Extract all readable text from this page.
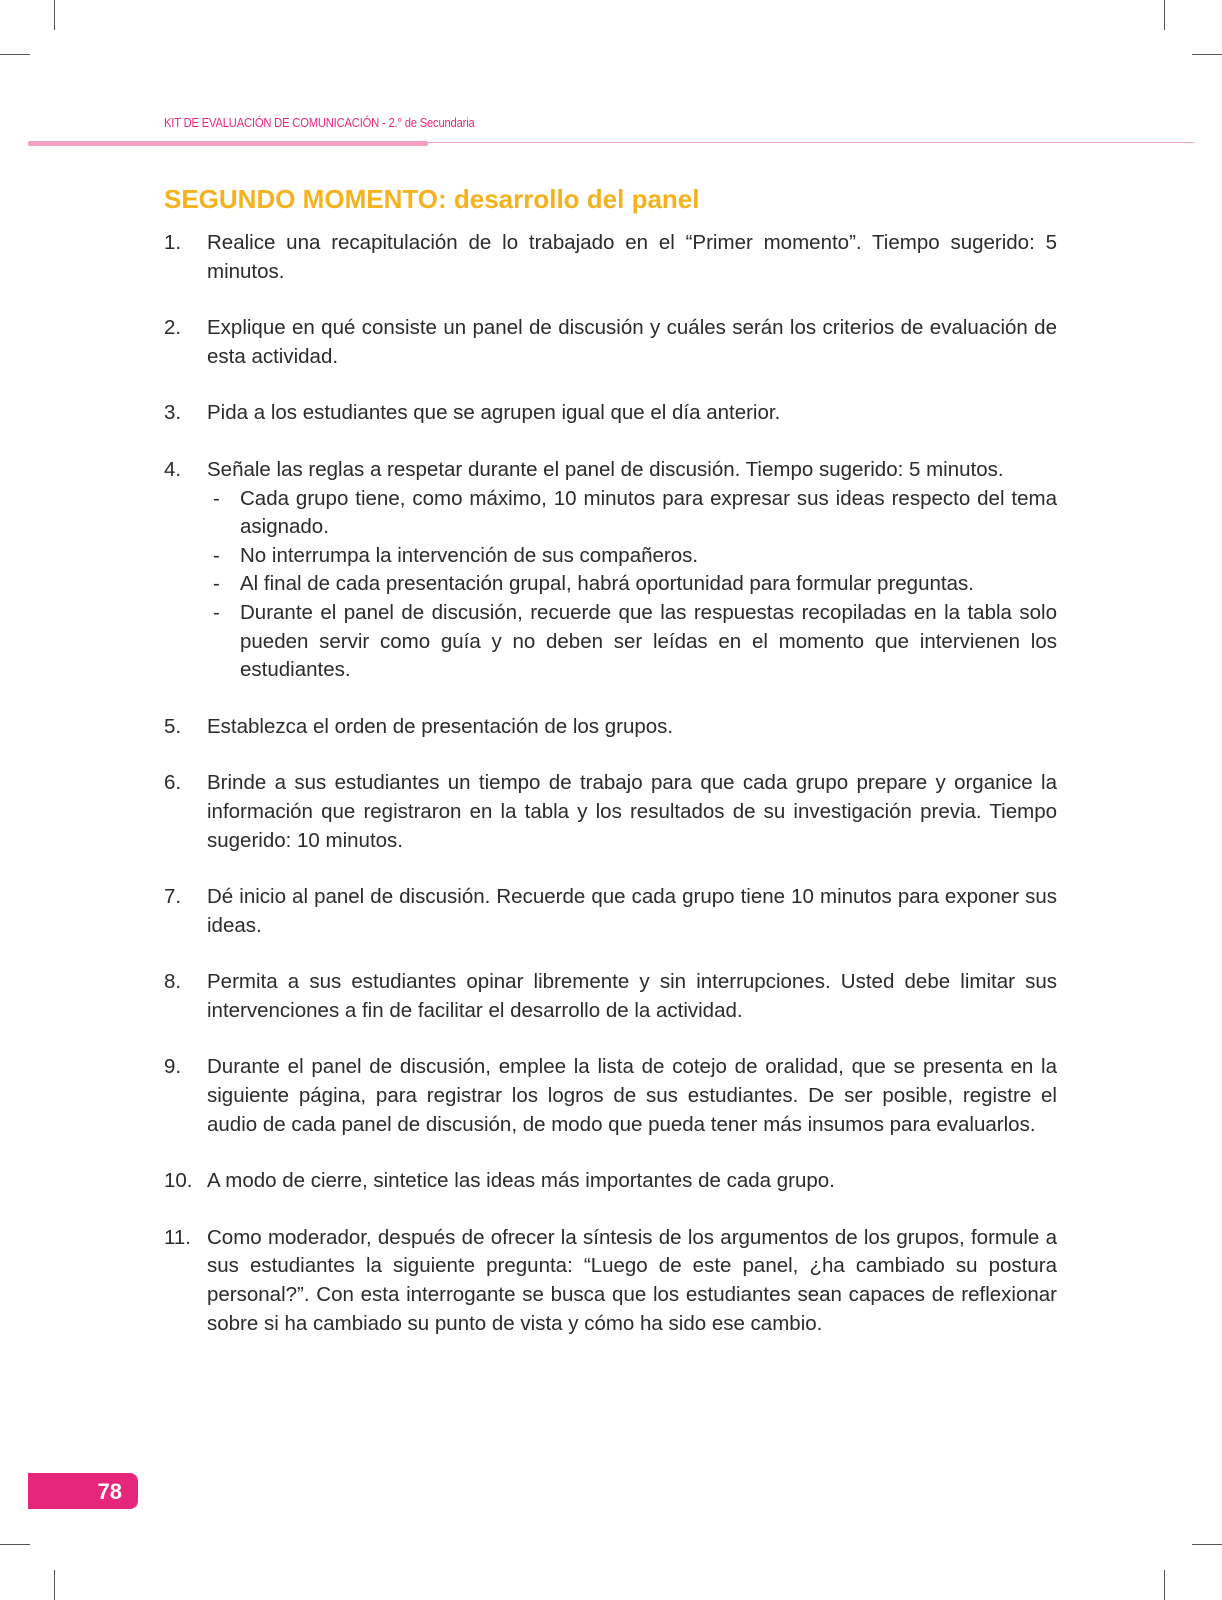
KIT DE EVALUACIÓN DE COMUNICACIÓN - 2.° de Secundaria
SEGUNDO MOMENTO: desarrollo del panel
1.	Realice una recapitulación de lo trabajado en el “Primer momento”. Tiempo sugerido: 5 minutos.
2.	Explique en qué consiste un panel de discusión y cuáles serán los criterios de evaluación de esta actividad.
3.	Pida a los estudiantes que se agrupen igual que el día anterior.
4.	Señale las reglas a respetar durante el panel de discusión. Tiempo sugerido: 5 minutos.
- Cada grupo tiene, como máximo, 10 minutos para expresar sus ideas respecto del tema asignado.
- No interrumpa la intervención de sus compañeros.
- Al final de cada presentación grupal, habrá oportunidad para formular preguntas.
- Durante el panel de discusión, recuerde que las respuestas recopiladas en la tabla solo pueden servir como guía y no deben ser leídas en el momento que intervienen los estudiantes.
5.	Establezca el orden de presentación de los grupos.
6.	Brinde a sus estudiantes un tiempo de trabajo para que cada grupo prepare y organice la información que registraron en la tabla y los resultados de su investigación previa. Tiempo sugerido: 10 minutos.
7.	Dé inicio al panel de discusión. Recuerde que cada grupo tiene 10 minutos para exponer sus ideas.
8.	Permita a sus estudiantes opinar libremente y sin interrupciones. Usted debe limitar sus intervenciones a fin de facilitar el desarrollo de la actividad.
9.	Durante el panel de discusión, emplee la lista de cotejo de oralidad, que se presenta en la siguiente página, para registrar los logros de sus estudiantes. De ser posible, registre el audio de cada panel de discusión, de modo que pueda tener más insumos para evaluarlos.
10. A modo de cierre, sintetice las ideas más importantes de cada grupo.
11. Como moderador, después de ofrecer la síntesis de los argumentos de los grupos, formule a sus estudiantes la siguiente pregunta: “Luego de este panel, ¿ha cambiado su postura personal?”. Con esta interrogante se busca que los estudiantes sean capaces de reflexionar sobre si ha cambiado su punto de vista y cómo ha sido ese cambio.
78
